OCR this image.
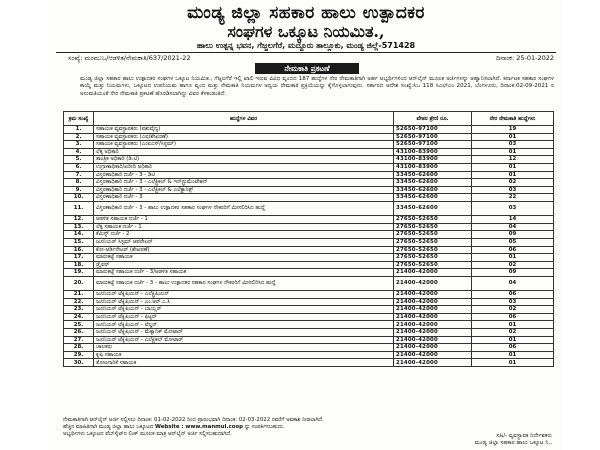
ಮಂಡ್ಯ ಜಿಲ್ಲಾ ಸಹಕಾರ ಹಾಲು ಉತ್ಪಾದಕರ
ಸಂಘಗಳ ಒಕ್ಕೂಟ ನಿಯಮಿತ.,
ಹಾಲು ಉತ್ಪನ್ನ ಭವನ, ಗೆಜ್ಜಲಗೆರೆ, ಮದ್ದೂರು ತಾಲ್ಲೂಕು, ಮಂಡ್ಯ ಜಿಲ್ಲೆ-571428
ಸಂಖ್ಯೆ: ಮಂಮುಒ/ಆಡಳಿತ/ನೇಮಕಾತಿ/637/2021-22	ದಿನಾಂಕ: 25-01-2022
ನೇಮಕಾತಿ ಪ್ರಕಟಣೆ
ಮಂಡ್ಯ ಜಿಲ್ಲಾ ಸಹಕಾರ ಹಾಲು ಉತ್ಪಾದಕರ ಸಂಘಗಳ ಒಕ್ಕೂಟ ನಿಯಮಿತ., ಗೆಜ್ಜಲಗೆರೆ ಇಲ್ಲಿ ಖಾಲಿ ಇರುವ ವಿವಿಧ ವೃಂದದ 187 ಹುದ್ದೆಗಳ ನೇರ ನೇಮಕಾತಿಗಾಗಿ ಅರ್ಹ ಅಭ್ಯರ್ಥಿಗಳಿಂದ ಆನ್‌ಲೈನ್ ಮೂಲಕ ಅರ್ಜಿಗಳನ್ನು ಆಹ್ವಾನಿಸಲಾಗಿದೆ. ಕರ್ನಾಟಕ ಸಹಕಾರ ಸಂಘಗಳ ಕಾಯ್ದೆ ಮತ್ತು ನಿಯಮಗಳು, ಒಕ್ಕೂಟದ ಉಪನಿಯಮ ಹಾಗೂ ವೃಂದ ಮತ್ತು ನೇಮಕಾತಿ ನಿಯಮಗಳ ಅನ್ವಯ ನೇಮಕಾತಿ ಪ್ರಕ್ರಿಯೆಯನ್ನು ಕೈಗೊಳ್ಳಲಾಗುವುದು. ಸರ್ಕಾರದ ಆದೇಶ ಸಂಖ್ಯೆ:ಸಿಒ 118 ಸಿಎಲ್‌ಎಂ 2021, ಬೆಂಗಳೂರು, ದಿನಾಂಕ:02-09-2021 ರ ಅನುಮತಿಯಂತೆ ನೇರ ನೇಮಕಾತಿ ಪ್ರಕಟಣೆ ಹೊರಡಿಸಲಾಗಿದ್ದು ವಿವರ ಕೆಳಕಂಡಂತಿದೆ.
ಕ್ರಮ ಸಂಖ್ಯೆ	ಹುದ್ದೆಗಳ ವಿವರ	ವೇತನ ಶ್ರೇಣಿ ರೂ.	ನೇರ ನೇಮಕಾತಿ ಹುದ್ದೆಗಳು
1.	ಸಹಾಯಕ ವ್ಯವಸ್ಥಾಪಕರು (ಪಶುವೈದ್ಯ)	52650-97100	19
2.	ಸಹಾಯಕ ವ್ಯವಸ್ಥಾಪಕರು (ಎಐ/ಶೇಖರಣೆ)	52650-97100	01
3.	ಸಹಾಯಕ ವ್ಯವಸ್ಥಾಪಕರು (ಎಂಐಎಸ್/ಸಿಸ್ಟಮ್)	52650-97100	03
4.	ಲೆಕ್ಕ ಅಧಿಕಾರಿ	43100-83900	01
5.	ತಾಂತ್ರಿಕ ಅಧಿಕಾರಿ (ಡಿ.ಟಿ)	43100-83900	12
6.	ಉಗ್ರಾಣಾಧಿಕಾರಿ/ಖರೀದಿ ಅಧಿಕಾರಿ	43100-83900	01
7.	ವಿಸ್ತರಣಾಧಿಕಾರಿ ದರ್ಜೆ - 3 - ಡಿಟಿ	33450-62600	01
8.	ವಿಸ್ತರಣಾಧಿಕಾರಿ ದರ್ಜೆ - 3 - ಎಲೆಕ್ಟ್ರಿಕಲ್ & ಇನ್‌ಸ್ಟ್ರುಮೆಂಟೇಶನ್	33450-62600	02
9.	ವಿಸ್ತರಣಾಧಿಕಾರಿ ದರ್ಜೆ - 3 - ಎಲೆಕ್ಟ್ರಿಕಲ್ & ಎಲೆಕ್ಟ್ರಾನಿಕ್ಸ್	33450-62600	03
10.	ವಿಸ್ತರಣಾಧಿಕಾರಿ ದರ್ಜೆ - 3	33450-62600	22
11.	ವಿಸ್ತರಣಾಧಿಕಾರಿ ದರ್ಜೆ - 3 - ಹಾಲು ಉತ್ಪಾದಕರ ಸಹಕಾರ ಸಂಘಗಳ ನೌಕರರಿಗೆ ಮೀಸಲಿರಿಸಿದ ಹುದ್ದೆ	33450-62600	03
12.	ಆಡಳಿತ ಸಹಾಯಕ ದರ್ಜೆ - 1	27650-52650	14
13.	ಲೆಕ್ಕ ಸಹಾಯಕ ದರ್ಜೆ - 1	27650-52650	04
14.	ಕೆಮಿಸ್ಟ್ ದರ್ಜೆ - 2	27650-52650	09
15.	ಜೂನಿಯರ್ ಸಿಸ್ಟಮ್ ಆಪರೇಟರ್	27650-52650	05
16.	ಕೋ-ಆರ್ಡಿನೇಟರ್ (ಶೇಖರಣೆ)	27650-52650	06
17.	ಮಾರುಕಟ್ಟೆ ಸಹಾಯಕ	27650-52650	01
18.	ಡ್ರೈವರ್	27650-52650	02
19.	ಮಾರುಕಟ್ಟೆ ಸಹಾಯಕ ದರ್ಜೆ - 3/ಆಡಳಿತ ಸಹಾಯಕ	21400-42000	09
20.	ಮಾರುಕಟ್ಟೆ ಸಹಾಯಕ ದರ್ಜೆ - 3 - ಹಾಲು ಉತ್ಪಾದಕರ ಸಹಕಾರ ಸಂಘಗಳ ನೌಕರರಿಗೆ ಮೀಸಲಿರಿಸಿದ ಹುದ್ದೆ	21400-42000	04
21.	ಜೂನಿಯರ್ ಟೆಕ್ನಿಷಿಯನ್ - ಎಲೆಕ್ಟ್ರಿಷಿಯನ್	21400-42000	06
22.	ಜೂನಿಯರ್ ಟೆಕ್ನಿಷಿಯನ್ - ಎಂ.ಆರ್.ಎ.ಸಿ	21400-42000	03
23.	ಜೂನಿಯರ್ ಟೆಕ್ನಿಷಿಯನ್ - ಬಾಯ್ಲರ್	21400-42000	02
24.	ಜೂನಿಯರ್ ಟೆಕ್ನಿಷಿಯನ್ - ಫಿಟ್ಟರ್	21400-42000	06
25.	ಜೂನಿಯರ್ ಟೆಕ್ನಿಷಿಯನ್ - ವೆಲ್ಡರ್	21400-42000	01
26.	ಜೂನಿಯರ್ ಟೆಕ್ನಿಷಿಯನ್ - ಮೆಕ್ಯಾನಿಕ್ ಮೋಟಾರ್	21400-42000	02
27.	ಜೂನಿಯರ್ ಟೆಕ್ನಿಷಿಯನ್ - ಎಲೆಕ್ಟ್ರಿಕಲ್ ಮೋಟಾರ್	21400-42000	01
28.	ಚಾಲಕರು	21400-42000	06
29.	ಕೃಷಿ ಸಹಾಯಕ	21400-42000	01
30.	ತೋಟಗಾರಿಕೆ ಸಹಾಯಕ	21400-42000	01
ನೇಮಕಾತಿಗಾಗಿ ಆನ್‌ಲೈನ್ ಅರ್ಜಿ ಸಲ್ಲಿಸಲು ದಿನಾಂಕ: 01-02-2022 ರಿಂದ ಪ್ರಾರಂಭವಾಗಿ ದಿನಾಂಕ: 02-03-2022 ರವರೆಗೆ ಅವಕಾಶ ನೀಡಲಾಗಿದೆ.
ಹೆಚ್ಚಿನ ಮಾಹಿತಿಗಾಗಿ ಮಂಡ್ಯ ಜಿಲ್ಲಾ ಹಾಲು ಒಕ್ಕೂಟದ Website : www.manmul.coop ನ್ನು ಸಂಪರ್ಕಿಸಬಹುದು.
ಅಭ್ಯರ್ಥಿಗಳು ಒಕ್ಕೂಟದ ವೆಬ್‌ಸೈಟ್‌ನ ಲಿಂಕ್ ಮೂಲಕ ಮಾತ್ರ ಆನ್‌ಲೈನ್ ಅರ್ಜಿ ಸಲ್ಲಿಸಬಹುದಾಗಿದೆ.	ಸಹಿ/- ವ್ಯವಸ್ಥಾಪಕ ನಿರ್ದೇಶಕರು
ಮಂಡ್ಯ ಜಿಲ್ಲಾ ಸಹಕಾರ ಹಾಲು ಒಕ್ಕೂಟ ನಿ.,
